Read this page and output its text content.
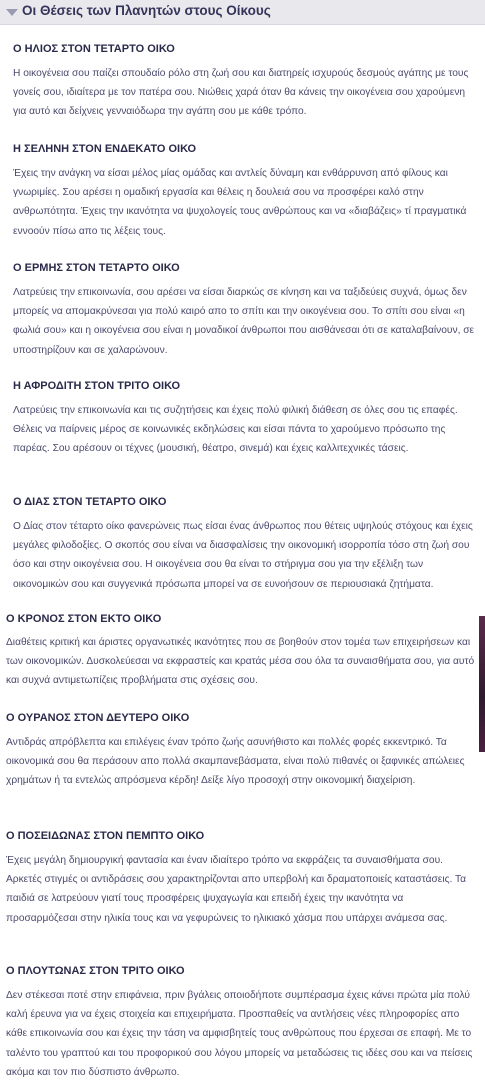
Οι Θέσεις των Πλανητών στους Οίκους
Ο ΗΛΙΟΣ ΣΤΟΝ ΤΕΤΑΡΤΟ ΟΙΚΟ

Η οικογένεια σου παίζει σπουδαίο ρόλο στη ζωή σου και διατηρείς ισχυρούς δεσμούς αγάπης με τους γονείς σου, ιδιαίτερα με τον πατέρα σου. Νιώθεις χαρά όταν θα κάνεις την οικογένεια σου χαρούμενη για αυτό και δείχνεις γενναιόδωρα την αγάπη σου με κάθε τρόπο.

Η ΣΕΛΗΝΗ ΣΤΟΝ ΕΝΔΕΚΑΤΟ ΟΙΚΟ

Έχεις την ανάγκη να είσαι μέλος μίας ομάδας και αντλείς δύναμη και ενθάρρυνση από φίλους και γνωριμίες. Σου αρέσει η ομαδική εργασία και θέλεις η δουλειά σου να προσφέρει καλό στην ανθρωπότητα. Έχεις την ικανότητα να ψυχολογείς τους ανθρώπους και να «διαβάζεις» τί πραγματικά εννοούν πίσω απο τις λέξεις τους.

Ο ΕΡΜΗΣ ΣΤΟΝ ΤΕΤΑΡΤΟ ΟΙΚΟ

Λατρεύεις την επικοινωνία, σου αρέσει να είσαι διαρκώς σε κίνηση και να ταξιδεύεις συχνά, όμως δεν μπορείς να απομακρύνεσαι για πολύ καιρό απο το σπίτι και την οικογένεια σου. Το σπίτι σου είναι «η φωλιά σου» και η οικογένεια σου είναι η μοναδικοί άνθρωποι που αισθάνεσαι ότι σε καταλαβαίνουν, σε υποστηρίζουν και σε χαλαρώνουν.

Η ΑΦΡΟΔΙΤΗ ΣΤΟΝ ΤΡΙΤΟ ΟΙΚΟ

Λατρεύεις την επικοινωνία και τις συζητήσεις και έχεις πολύ φιλική διάθεση σε όλες σου τις επαφές. Θέλεις να παίρνεις μέρος σε κοινωνικές εκδηλώσεις και είσαι πάντα το χαρούμενο πρόσωπο της παρέας. Σου αρέσουν οι τέχνες (μουσική, θέατρο, σινεμά) και έχεις καλλιτεχνικές τάσεις.

Ο ΔΙΑΣ ΣΤΟΝ ΤΕΤΑΡΤΟ ΟΙΚΟ

Ο Δίας στον τέταρτο οίκο φανερώνεις πως είσαι ένας άνθρωπος που θέτεις υψηλούς στόχους και έχεις μεγάλες φιλοδοξίες. Ο σκοπός σου είναι να διασφαλίσεις την οικονομική ισορροπία τόσο στη ζωή σου όσο και στην οικογένεια σου. Η οικογένεια σου θα είναι το στήριγμα σου για την εξέλιξη των οικονομικών σου και συγγενικά πρόσωπα μπορεί να σε ευνοήσουν σε περιουσιακά ζητήματα.

Ο ΚΡΟΝΟΣ ΣΤΟΝ ΕΚΤΟ ΟΙΚΟ

Διαθέτεις κριτική και άριστες οργανωτικές ικανότητες που σε βοηθούν στον τομέα των επιχειρήσεων και των οικονομικών. Δυσκολεύεσαι να εκφραστείς και κρατάς μέσα σου όλα τα συναισθήματα σου, για αυτό και συχνά αντιμετωπίζεις προβλήματα στις σχέσεις σου.

Ο ΟΥΡΑΝΟΣ ΣΤΟΝ ΔΕΥΤΕΡΟ ΟΙΚΟ

Αντιδράς απρόβλεπτα και επιλέγεις έναν τρόπο ζωής ασυνήθιστο και πολλές φορές εκκεντρικό. Τα οικονομικά σου θα περάσουν απο πολλά σκαμπανεβάσματα, είναι πολύ πιθανές οι ξαφνικές απώλειες χρημάτων ή τα εντελώς απρόσμενα κέρδη! Δείξε λίγο προσοχή στην οικονομική διαχείριση.

Ο ΠΟΣΕΙΔΩΝΑΣ ΣΤΟΝ ΠΕΜΠΤΟ ΟΙΚΟ

Έχεις μεγάλη δημιουργική φαντασία και έναν ιδιαίτερο τρόπο να εκφράζεις τα συναισθήματα σου. Αρκετές στιγμές οι αντιδράσεις σου χαρακτηρίζονται απο υπερβολή και δραματοποιείς καταστάσεις. Τα παιδιά σε λατρεύουν γιατί τους προσφέρεις ψυχαγωγία και επειδή έχεις την ικανότητα να προσαρμόζεσαι στην ηλικία τους και να γεφυρώνεις το ηλικιακό χάσμα που υπάρχει ανάμεσα σας.

Ο ΠΛΟΥΤΩΝΑΣ ΣΤΟΝ ΤΡΙΤΟ ΟΙΚΟ

Δεν στέκεσαι ποτέ στην επιφάνεια, πριν βγάλεις οποιοδήποτε συμπέρασμα έχεις κάνει πρώτα μία πολύ καλή έρευνα για να έχεις στοιχεία και επιχειρήματα. Προσπαθείς να αντλήσεις νέες πληροφορίες απο κάθε επικοινωνία σου και έχεις την τάση να αμφισβητείς τους ανθρώπους που έρχεσαι σε επαφή. Με το ταλέντο του γραπτού και του προφορικού σου λόγου μπορείς να μεταδώσεις τις ιδέες σου και να πείσεις ακόμα και τον πιο δύσπιστο άνθρωπο.
